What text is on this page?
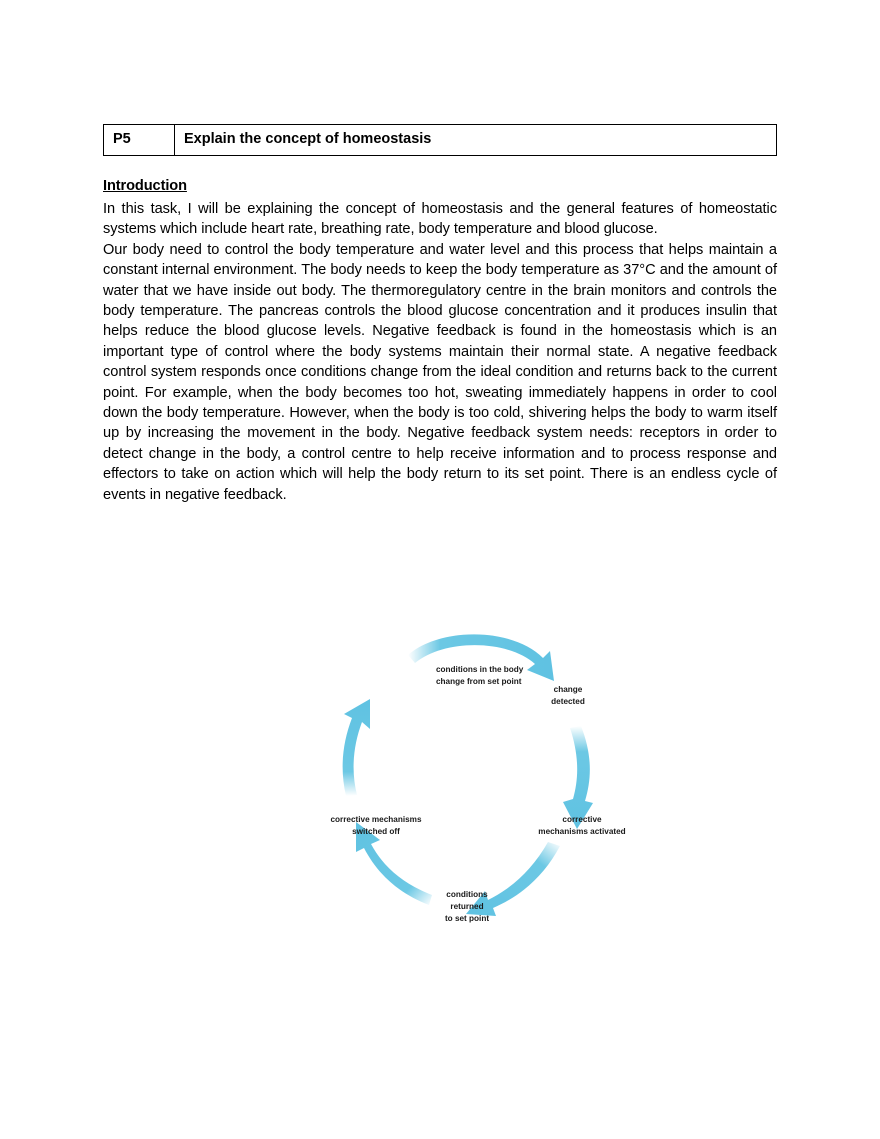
P5	Explain the concept of homeostasis
Introduction

In this task, I will be explaining the concept of homeostasis and the general features of homeostatic systems which include heart rate, breathing rate, body temperature and blood glucose.

Our body need to control the body temperature and water level and this process that helps maintain a constant internal environment. The body needs to keep the body temperature as 37°C and the amount of water that we have inside out body. The thermoregulatory centre in the brain monitors and controls the body temperature. The pancreas controls the blood glucose concentration and it produces insulin that helps reduce the blood glucose levels. Negative feedback is found in the homeostasis which is an important type of control where the body systems maintain their normal state. A negative feedback control system responds once conditions change from the ideal condition and returns back to the current point. For example, when the body becomes too hot, sweating immediately happens in order to cool down the body temperature. However, when the body is too cold, shivering helps the body to warm itself up by increasing the movement in the body. Negative feedback system needs: receptors in order to detect change in the body, a control centre to help receive information and to process response and effectors to take on action which will help the body return to its set point. There is an endless cycle of events in negative feedback.

conditions in the body
change from set point
change
detected
corrective
mechanisms activated
conditions
returned
to set point
corrective mechanisms
switched off
